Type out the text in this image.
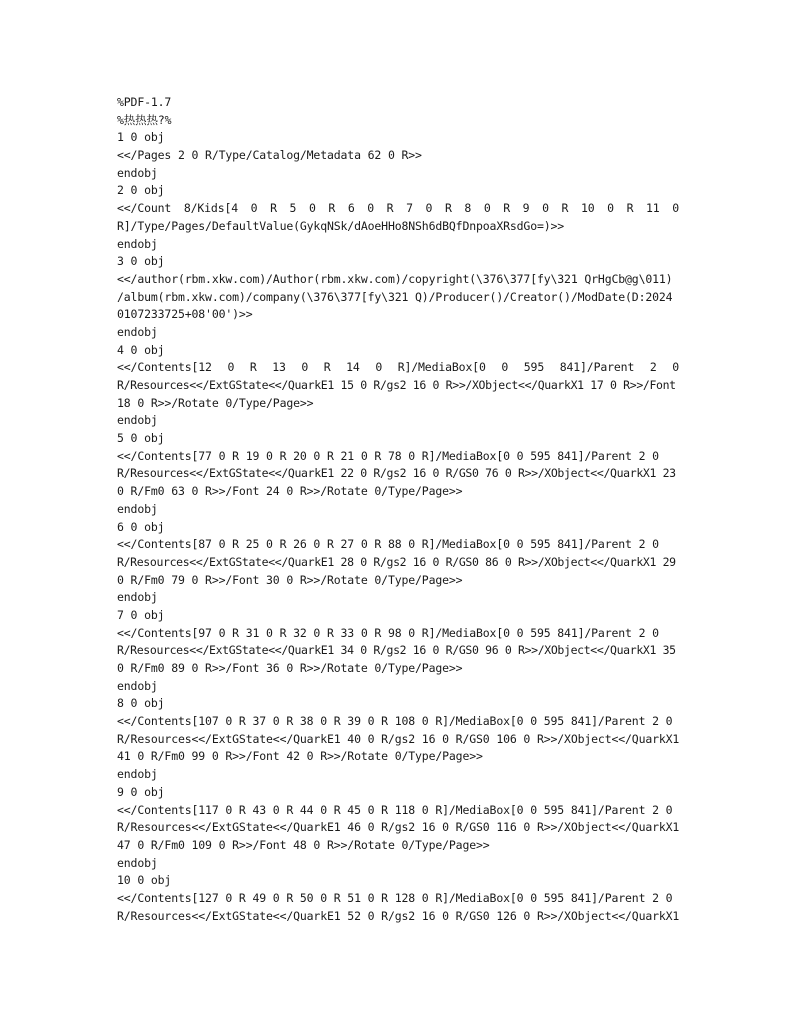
%PDF-1.7
%热热热?%
1 0 obj
<</Pages 2 0 R/Type/Catalog/Metadata 62 0 R>>
endobj
2 0 obj
<</Count 8/Kids[4 0 R 5 0 R 6 0 R 7 0 R 8 0 R 9 0 R 10 0 R 11 0
R]/Type/Pages/DefaultValue(GykqNSk/dAoeHHo8NSh6dBQfDnpoaXRsdGo=)>>
endobj
3 0 obj
<</author(rbm.xkw.com)/Author(rbm.xkw.com)/copyright(\376\377[fy\321 QrHgCb@g\011)
/album(rbm.xkw.com)/company(\376\377[fy\321 Q)/Producer()/Creator()/ModDate(D:2024
0107233725+08'00')>>
endobj
4 0 obj
<</Contents[12 0 R 13 0 R 14 0 R]/MediaBox[0 0 595 841]/Parent 2 0
R/Resources<</ExtGState<</QuarkE1 15 0 R/gs2 16 0 R>>/XObject<</QuarkX1 17 0 R>>/Font
18 0 R>>/Rotate 0/Type/Page>>
endobj
5 0 obj
<</Contents[77 0 R 19 0 R 20 0 R 21 0 R 78 0 R]/MediaBox[0 0 595 841]/Parent 2 0
R/Resources<</ExtGState<</QuarkE1 22 0 R/gs2 16 0 R/GS0 76 0 R>>/XObject<</QuarkX1 23
0 R/Fm0 63 0 R>>/Font 24 0 R>>/Rotate 0/Type/Page>>
endobj
6 0 obj
<</Contents[87 0 R 25 0 R 26 0 R 27 0 R 88 0 R]/MediaBox[0 0 595 841]/Parent 2 0
R/Resources<</ExtGState<</QuarkE1 28 0 R/gs2 16 0 R/GS0 86 0 R>>/XObject<</QuarkX1 29
0 R/Fm0 79 0 R>>/Font 30 0 R>>/Rotate 0/Type/Page>>
endobj
7 0 obj
<</Contents[97 0 R 31 0 R 32 0 R 33 0 R 98 0 R]/MediaBox[0 0 595 841]/Parent 2 0
R/Resources<</ExtGState<</QuarkE1 34 0 R/gs2 16 0 R/GS0 96 0 R>>/XObject<</QuarkX1 35
0 R/Fm0 89 0 R>>/Font 36 0 R>>/Rotate 0/Type/Page>>
endobj
8 0 obj
<</Contents[107 0 R 37 0 R 38 0 R 39 0 R 108 0 R]/MediaBox[0 0 595 841]/Parent 2 0
R/Resources<</ExtGState<</QuarkE1 40 0 R/gs2 16 0 R/GS0 106 0 R>>/XObject<</QuarkX1
41 0 R/Fm0 99 0 R>>/Font 42 0 R>>/Rotate 0/Type/Page>>
endobj
9 0 obj
<</Contents[117 0 R 43 0 R 44 0 R 45 0 R 118 0 R]/MediaBox[0 0 595 841]/Parent 2 0
R/Resources<</ExtGState<</QuarkE1 46 0 R/gs2 16 0 R/GS0 116 0 R>>/XObject<</QuarkX1
47 0 R/Fm0 109 0 R>>/Font 48 0 R>>/Rotate 0/Type/Page>>
endobj
10 0 obj
<</Contents[127 0 R 49 0 R 50 0 R 51 0 R 128 0 R]/MediaBox[0 0 595 841]/Parent 2 0
R/Resources<</ExtGState<</QuarkE1 52 0 R/gs2 16 0 R/GS0 126 0 R>>/XObject<</QuarkX1
